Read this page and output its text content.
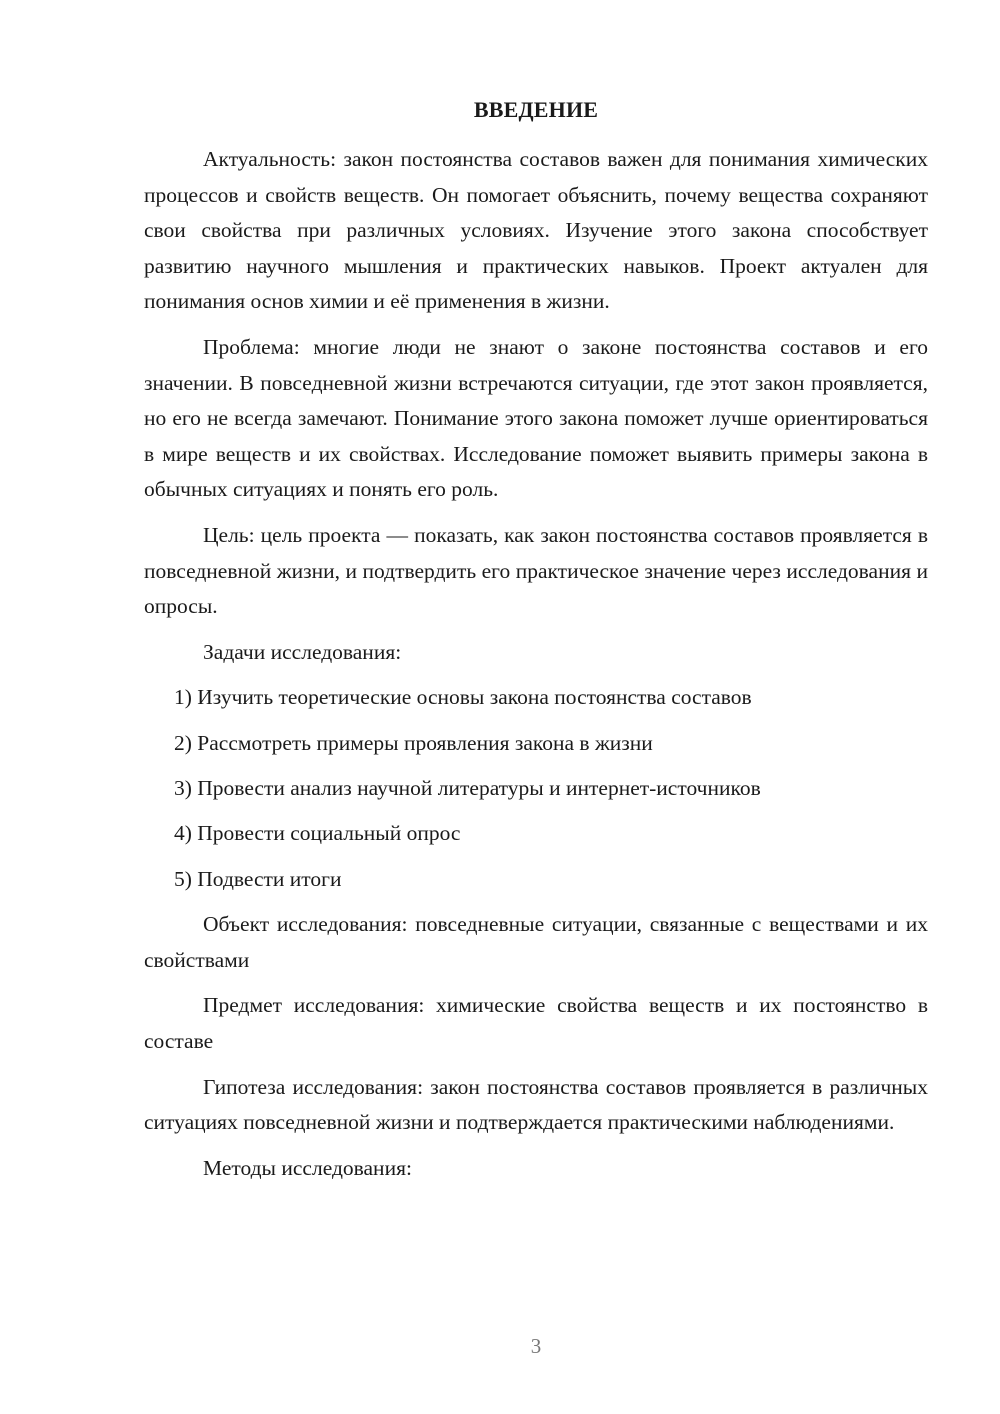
ВВЕДЕНИЕ

Актуальность: закон постоянства составов важен для понимания химических процессов и свойств веществ. Он помогает объяснить, почему вещества сохраняют свои свойства при различных условиях. Изучение этого закона способствует развитию научного мышления и практических навыков. Проект актуален для понимания основ химии и её применения в жизни.

Проблема: многие люди не знают о законе постоянства составов и его значении. В повседневной жизни встречаются ситуации, где этот закон проявляется, но его не всегда замечают. Понимание этого закона поможет лучше ориентироваться в мире веществ и их свойствах. Исследование поможет выявить примеры закона в обычных ситуациях и понять его роль.

Цель: цель проекта — показать, как закон постоянства составов проявляется в повседневной жизни, и подтвердить его практическое значение через исследования и опросы.

Задачи исследования:

1) Изучить теоретические основы закона постоянства составов
2) Рассмотреть примеры проявления закона в жизни
3) Провести анализ научной литературы и интернет-источников
4) Провести социальный опрос
5) Подвести итоги

Объект исследования: повседневные ситуации, связанные с веществами и их свойствами

Предмет исследования: химические свойства веществ и их постоянство в составе

Гипотеза исследования: закон постоянства составов проявляется в различных ситуациях повседневной жизни и подтверждается практическими наблюдениями.

Методы исследования:

3
